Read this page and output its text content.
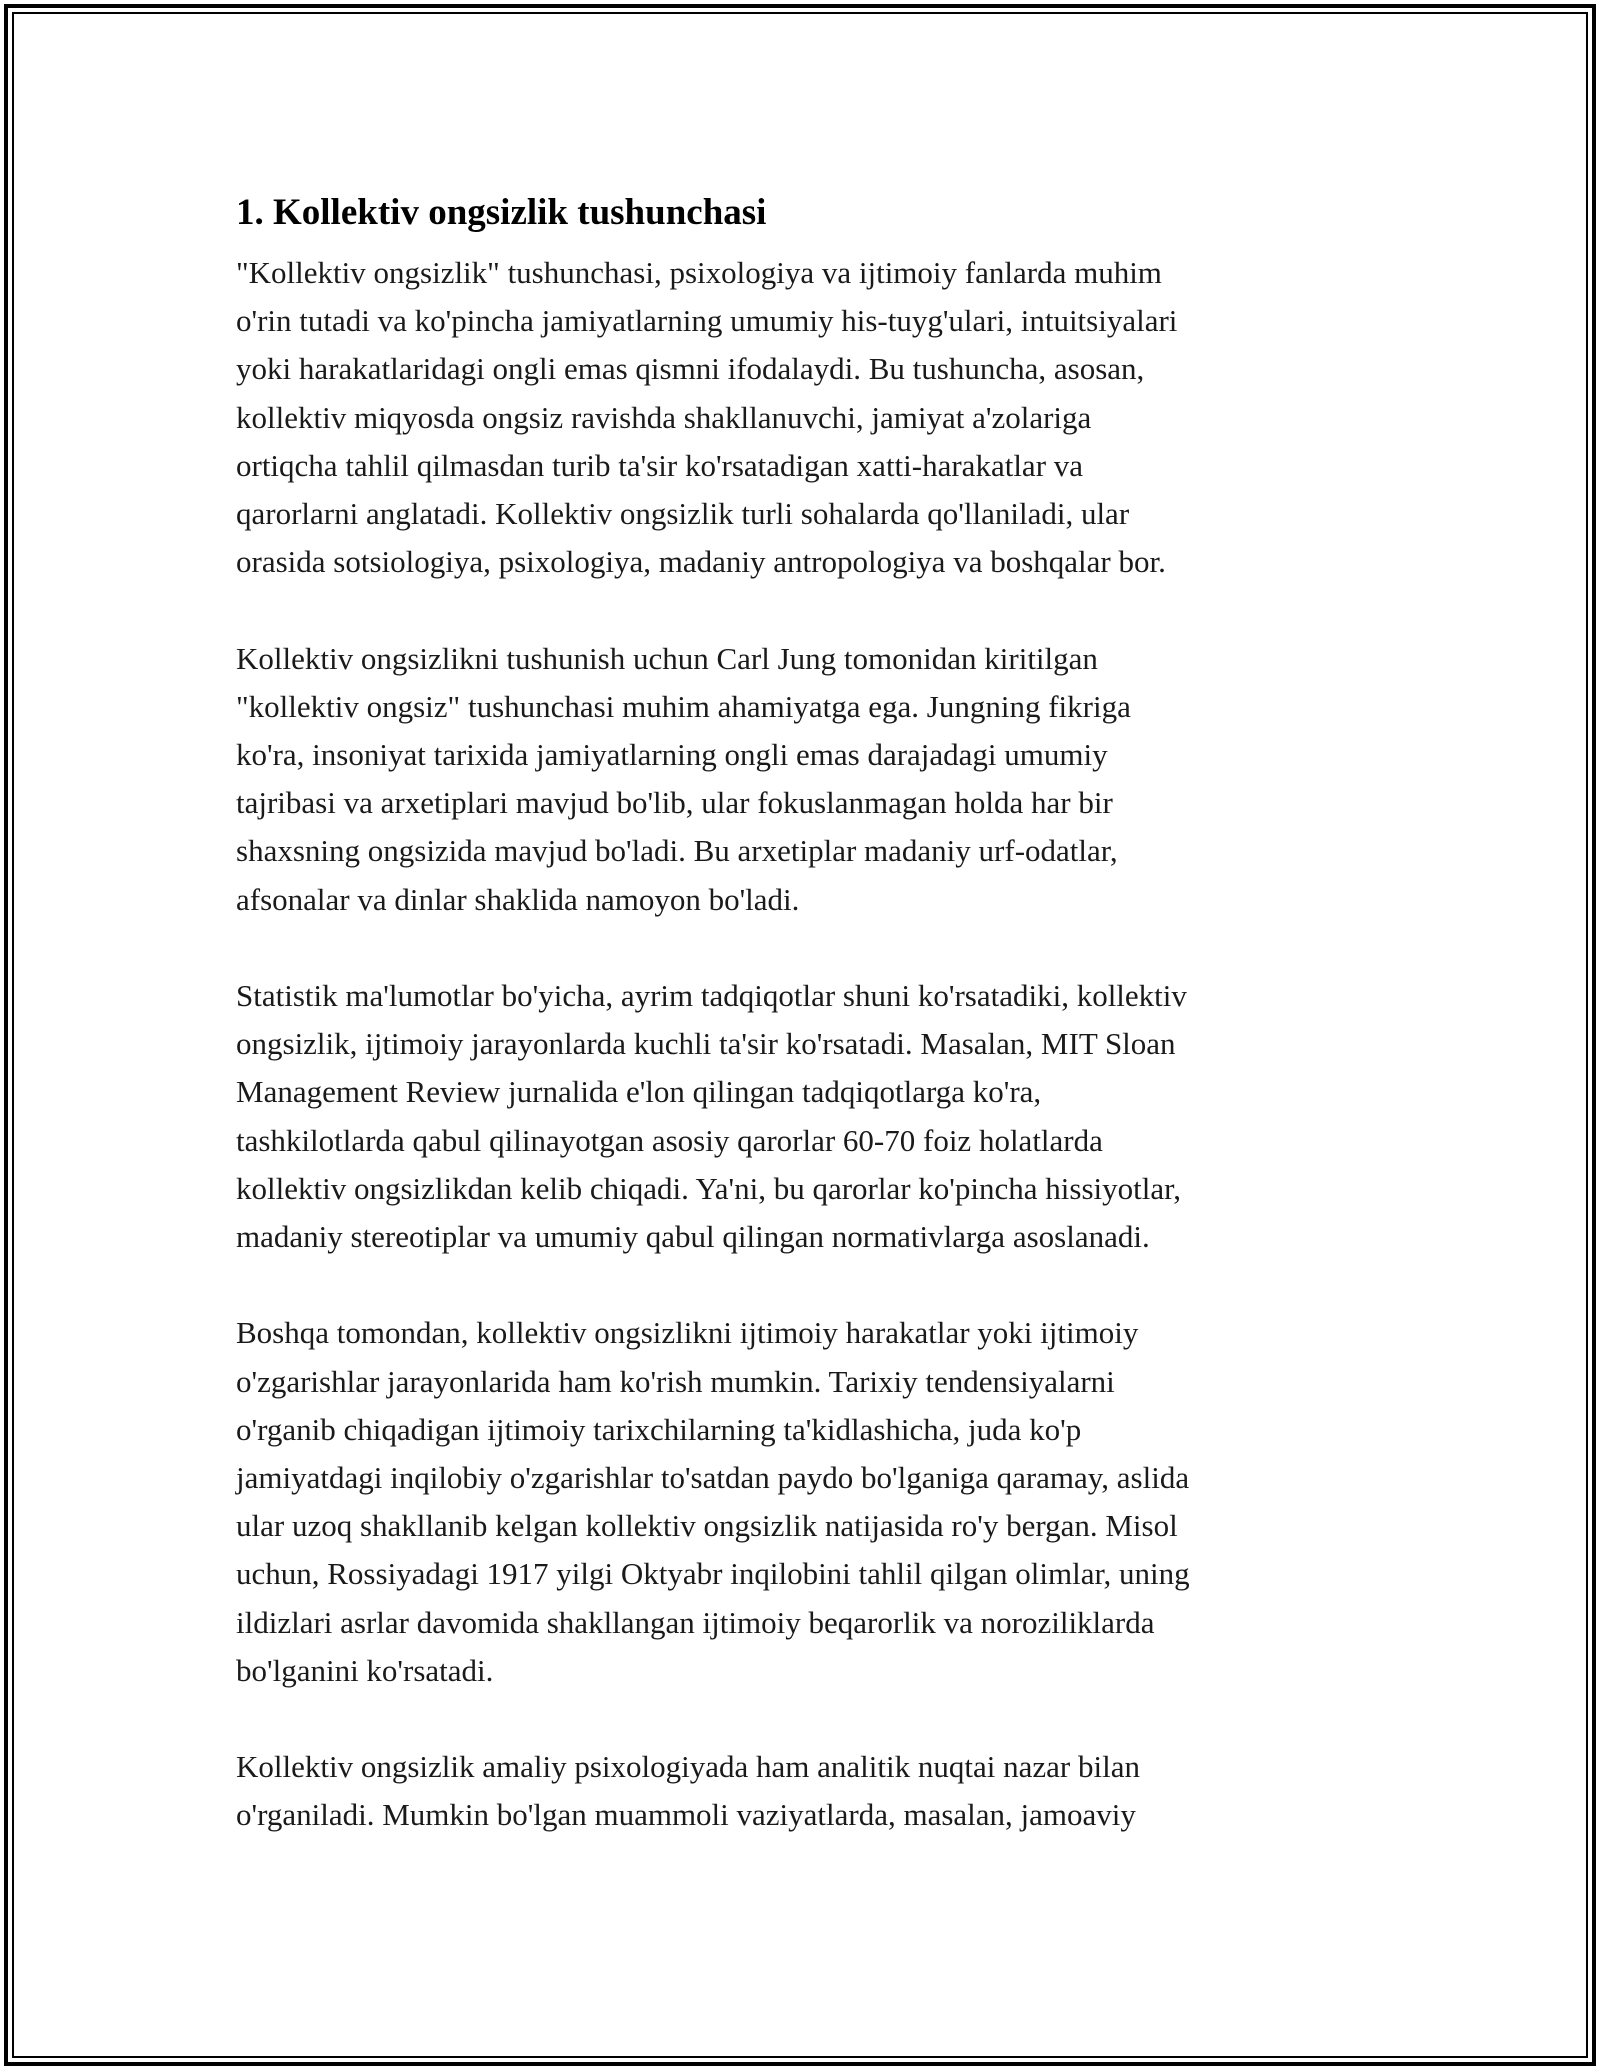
1. Kollektiv ongsizlik tushunchasi

"Kollektiv ongsizlik" tushunchasi, psixologiya va ijtimoiy fanlarda muhim
o'rin tutadi va ko'pincha jamiyatlarning umumiy his-tuyg'ulari, intuitsiyalari
yoki harakatlaridagi ongli emas qismni ifodalaydi. Bu tushuncha, asosan,
kollektiv miqyosda ongsiz ravishda shakllanuvchi, jamiyat a'zolariga
ortiqcha tahlil qilmasdan turib ta'sir ko'rsatadigan xatti-harakatlar va
qarorlarni anglatadi. Kollektiv ongsizlik turli sohalarda qo'llaniladi, ular
orasida sotsiologiya, psixologiya, madaniy antropologiya va boshqalar bor.

Kollektiv ongsizlikni tushunish uchun Carl Jung tomonidan kiritilgan
"kollektiv ongsiz" tushunchasi muhim ahamiyatga ega. Jungning fikriga
ko'ra, insoniyat tarixida jamiyatlarning ongli emas darajadagi umumiy
tajribasi va arxetiplari mavjud bo'lib, ular fokuslanmagan holda har bir
shaxsning ongsizida mavjud bo'ladi. Bu arxetiplar madaniy urf-odatlar,
afsonalar va dinlar shaklida namoyon bo'ladi.

Statistik ma'lumotlar bo'yicha, ayrim tadqiqotlar shuni ko'rsatadiki, kollektiv
ongsizlik, ijtimoiy jarayonlarda kuchli ta'sir ko'rsatadi. Masalan, MIT Sloan
Management Review jurnalida e'lon qilingan tadqiqotlarga ko'ra,
tashkilotlarda qabul qilinayotgan asosiy qarorlar 60-70 foiz holatlarda
kollektiv ongsizlikdan kelib chiqadi. Ya'ni, bu qarorlar ko'pincha hissiyotlar,
madaniy stereotiplar va umumiy qabul qilingan normativlarga asoslanadi.

Boshqa tomondan, kollektiv ongsizlikni ijtimoiy harakatlar yoki ijtimoiy
o'zgarishlar jarayonlarida ham ko'rish mumkin. Tarixiy tendensiyalarni
o'rganib chiqadigan ijtimoiy tarixchilarning ta'kidlashicha, juda ko'p
jamiyatdagi inqilobiy o'zgarishlar to'satdan paydo bo'lganiga qaramay, aslida
ular uzoq shakllanib kelgan kollektiv ongsizlik natijasida ro'y bergan. Misol
uchun, Rossiyadagi 1917 yilgi Oktyabr inqilobini tahlil qilgan olimlar, uning
ildizlari asrlar davomida shakllangan ijtimoiy beqarorlik va noroziliklarda
bo'lganini ko'rsatadi.

Kollektiv ongsizlik amaliy psixologiyada ham analitik nuqtai nazar bilan
o'rganiladi. Mumkin bo'lgan muammoli vaziyatlarda, masalan, jamoaviy
